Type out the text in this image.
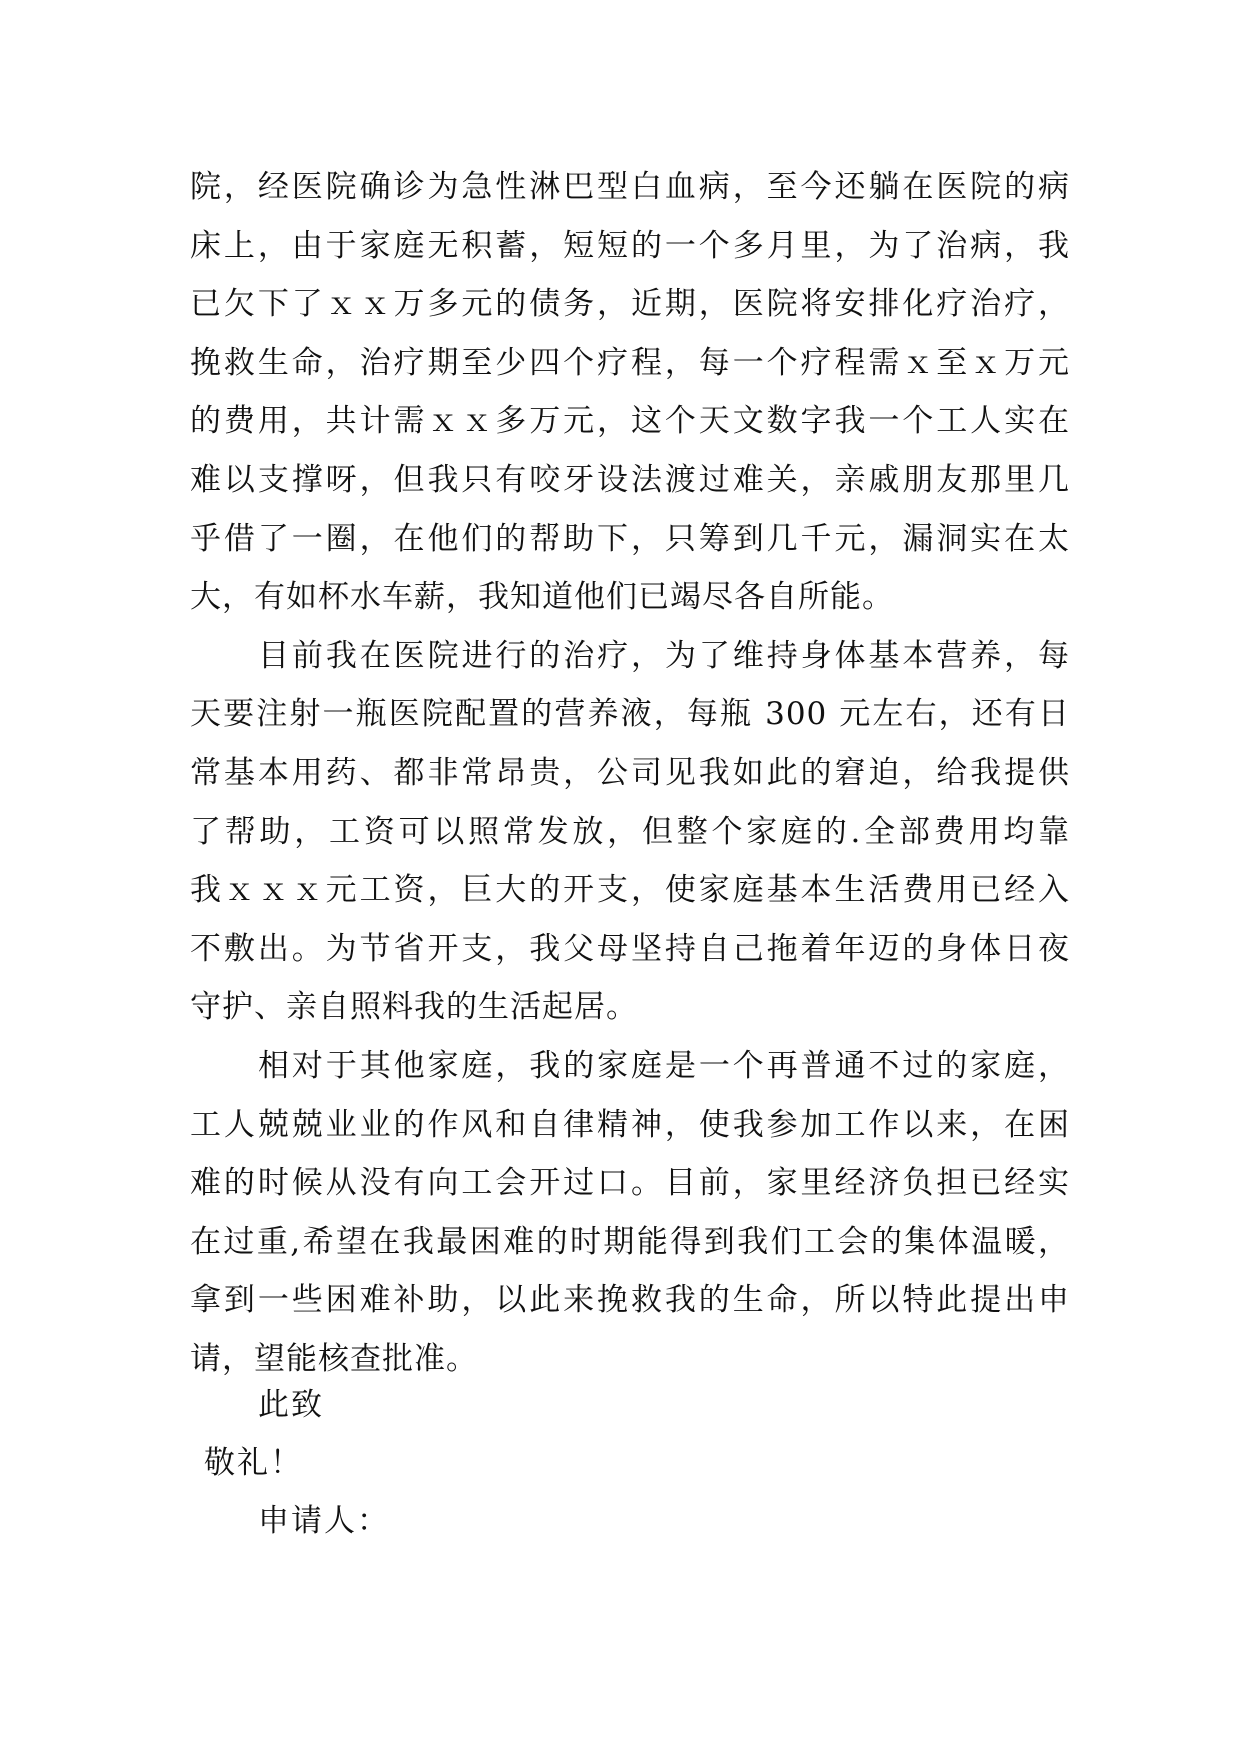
院，经医院确诊为急性淋巴型白血病，至今还躺在医院的病
床上，由于家庭无积蓄，短短的一个多月里，为了治病，我
已欠下了ｘｘ万多元的债务，近期，医院将安排化疗治疗，
挽救生命，治疗期至少四个疗程，每一个疗程需ｘ至ｘ万元
的费用，共计需ｘｘ多万元，这个天文数字我一个工人实在
难以支撑呀，但我只有咬牙设法渡过难关，亲戚朋友那里几
乎借了一圈，在他们的帮助下，只筹到几千元，漏洞实在太
大，有如杯水车薪，我知道他们已竭尽各自所能。
目前我在医院进行的治疗，为了维持身体基本营养，每
天要注射一瓶医院配置的营养液，每瓶 300 元左右，还有日
常基本用药、都非常昂贵，公司见我如此的窘迫，给我提供
了帮助，工资可以照常发放，但整个家庭的.全部费用均靠
我ｘｘｘ元工资，巨大的开支，使家庭基本生活费用已经入
不敷出。为节省开支，我父母坚持自己拖着年迈的身体日夜
守护、亲自照料我的生活起居。
相对于其他家庭，我的家庭是一个再普通不过的家庭，
工人兢兢业业的作风和自律精神，使我参加工作以来，在困
难的时候从没有向工会开过口。目前，家里经济负担已经实
在过重,希望在我最困难的时期能得到我们工会的集体温暖，
拿到一些困难补助，以此来挽救我的生命，所以特此提出申
请，望能核查批准。
此致
敬礼！
申请人：
